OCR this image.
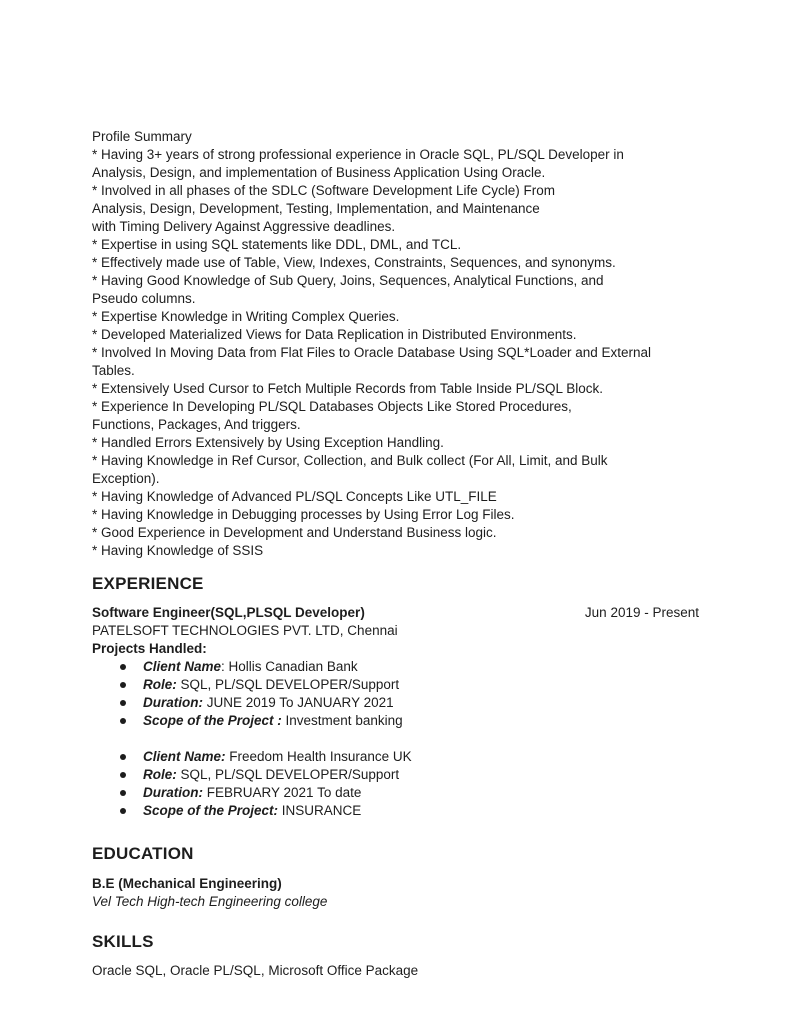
Profile Summary
* Having 3+ years of strong professional experience in Oracle SQL, PL/SQL Developer in
Analysis, Design, and implementation of Business Application Using Oracle.
* Involved in all phases of the SDLC (Software Development Life Cycle) From
Analysis, Design, Development, Testing, Implementation, and Maintenance
with Timing Delivery Against Aggressive deadlines.
* Expertise in using SQL statements like DDL, DML, and TCL.
* Effectively made use of Table, View, Indexes, Constraints, Sequences, and synonyms.
* Having Good Knowledge of Sub Query, Joins, Sequences, Analytical Functions, and
Pseudo columns.
* Expertise Knowledge in Writing Complex Queries.
* Developed Materialized Views for Data Replication in Distributed Environments.
* Involved In Moving Data from Flat Files to Oracle Database Using SQL*Loader and External
Tables.
* Extensively Used Cursor to Fetch Multiple Records from Table Inside PL/SQL Block.
* Experience In Developing PL/SQL Databases Objects Like Stored Procedures,
Functions, Packages, And triggers.
* Handled Errors Extensively by Using Exception Handling.
* Having Knowledge in Ref Cursor, Collection, and Bulk collect (For All, Limit, and Bulk
Exception).
* Having Knowledge of Advanced PL/SQL Concepts Like UTL_FILE
* Having Knowledge in Debugging processes by Using Error Log Files.
* Good Experience in Development and Understand Business logic.
* Having Knowledge of SSIS
EXPERIENCE
Software Engineer(SQL,PLSQL Developer)	Jun 2019 - Present
PATELSOFT TECHNOLOGIES PVT. LTD, Chennai
Projects Handled:
Client Name: Hollis Canadian Bank
Role: SQL, PL/SQL DEVELOPER/Support
Duration: JUNE 2019 To JANUARY 2021
Scope of the Project : Investment banking
Client Name: Freedom Health Insurance UK
Role: SQL, PL/SQL DEVELOPER/Support
Duration: FEBRUARY 2021 To date
Scope of the Project: INSURANCE
EDUCATION
B.E (Mechanical Engineering)
Vel Tech High-tech Engineering college
SKILLS
Oracle SQL, Oracle PL/SQL, Microsoft Office Package
